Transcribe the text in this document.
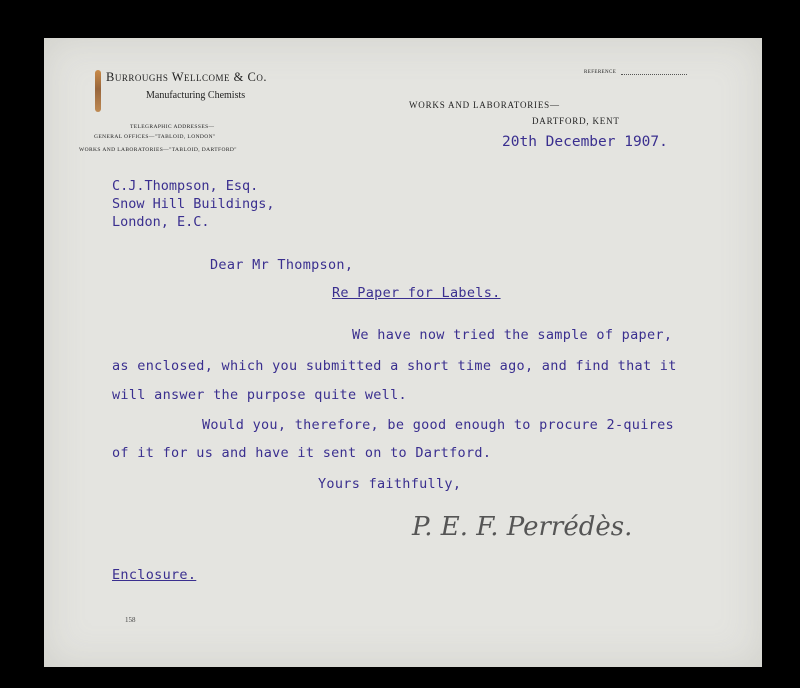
Burroughs Wellcome & Co.
Manufacturing Chemists
TELEGRAPHIC ADDRESSES—
GENERAL OFFICES—"TABLOID, LONDON"
WORKS AND LABORATORIES—"TABLOID, DARTFORD"
REFERENCE
WORKS AND LABORATORIES—
DARTFORD, KENT
20th December 1907.
C.J.Thompson, Esq.
Snow Hill Buildings,
London, E.C.
Dear Mr Thompson,
Re Paper for Labels.
We have now tried the sample of paper,
as enclosed, which you submitted a short time ago, and find that it
will answer the purpose quite well.
Would you, therefore, be good enough to procure 2-quires
of it for us and have it sent on to Dartford.
Yours faithfully,
P. E. F. Perrédès.
Enclosure.
158
